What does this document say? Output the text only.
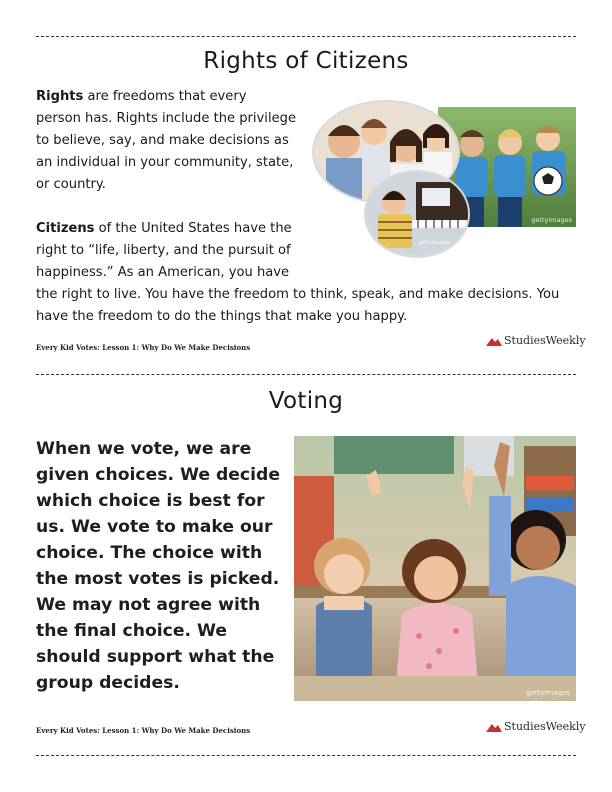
Rights of Citizens
Rights are freedoms that every
person has. Rights include the privilege
to believe, say, and make decisions as
an individual in your community, state,
or country.
Citizens of the United States have the
right to “life, liberty, and the pursuit of
happiness.” As an American, you have
the right to live. You have the freedom to think, speak, and make decisions. You
have the freedom to do the things that make you happy.
gettyimages
gettyimages
Every Kid Votes: Lesson 1: Why Do We Make Decisions
StudiesWeekly
Voting
When we vote, we are given choices. We decide which choice is best for us. We vote to make our choice. The choice with the most votes is picked. We may not agree with the final choice. We should support what the group decides.	gettyimages
Every Kid Votes: Lesson 1: Why Do We Make Decisions	StudiesWeekly
